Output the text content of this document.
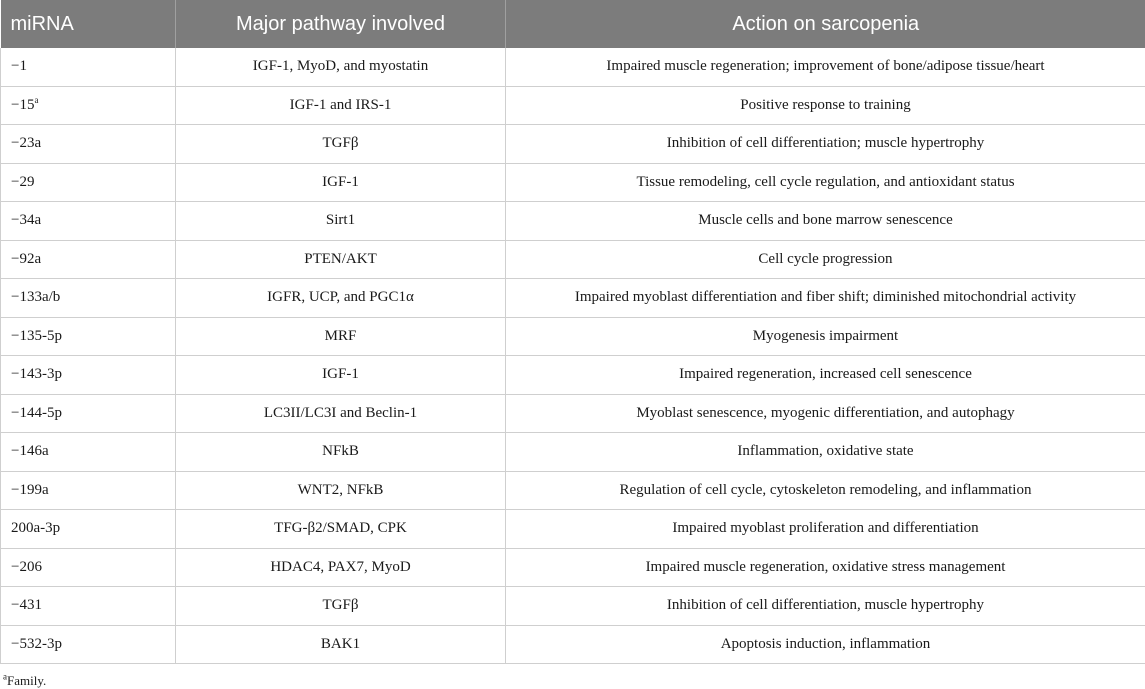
miRNA	Major pathway involved	Action on sarcopenia
−1	IGF-1, MyoD, and myostatin	Impaired muscle regeneration; improvement of bone/adipose tissue/heart
$-15^a$	IGF-1 and IRS-1	Positive response to training
−23a	TGFβ	Inhibition of cell differentiation; muscle hypertrophy
−29	IGF-1	Tissue remodeling, cell cycle regulation, and antioxidant status
−34a	Sirt1	Muscle cells and bone marrow senescence
−92a	PTEN/AKT	Cell cycle progression
−133a/b	IGFR, UCP, and PGC1α	Impaired myoblast differentiation and fiber shift; diminished mitochondrial activity
−135-5p	MRF	Myogenesis impairment
−143-3p	IGF-1	Impaired regeneration, increased cell senescence
−144-5p	LC3II/LC3I and Beclin-1	Myoblast senescence, myogenic differentiation, and autophagy
−146a	NFkB	Inflammation, oxidative state
−199a	WNT2, NFkB	Regulation of cell cycle, cytoskeleton remodeling, and inflammation
200a-3p	TFG-β2/SMAD, CPK	Impaired myoblast proliferation and differentiation
−206	HDAC4, PAX7, MyoD	Impaired muscle regeneration, oxidative stress management
−431	TGFβ	Inhibition of cell differentiation, muscle hypertrophy
−532-3p	BAK1	Apoptosis induction, inflammation
$^a$Family.
